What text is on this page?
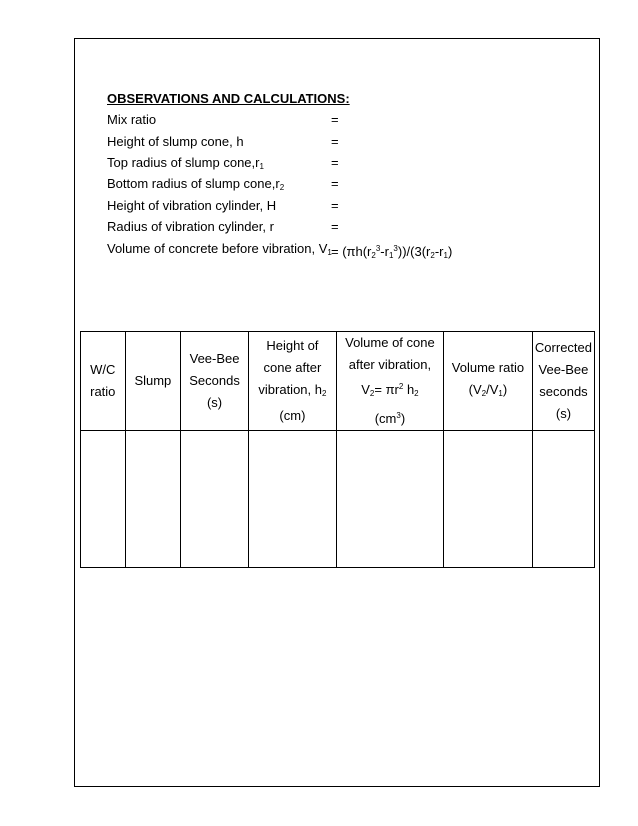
OBSERVATIONS AND CALCULATIONS:
Mix ratio	=
Height of slump cone, h	=
Top radius of slump $cone,r_1$	=
Bottom radius of slump $cone,r_2$	=
Height of vibration cylinder, H	=
Radius of vibration cylinder, r	=
Volume of concrete before vibration, $V_1 = (\pi h(r_2^3-r_1^3))/(3(r_2-r_1)$
W/C
ratio	Slump	Vee-Bee
Seconds
(s)	Height of
cone after
vibration, $h_2$
(cm)	Volume of cone
after vibration,
$V_2= \pi r^2$ $h_2$
$(cm^3)$	Volume ratio
$(V_2/V_1)$	Corrected
Vee-Bee
seconds
(s)
